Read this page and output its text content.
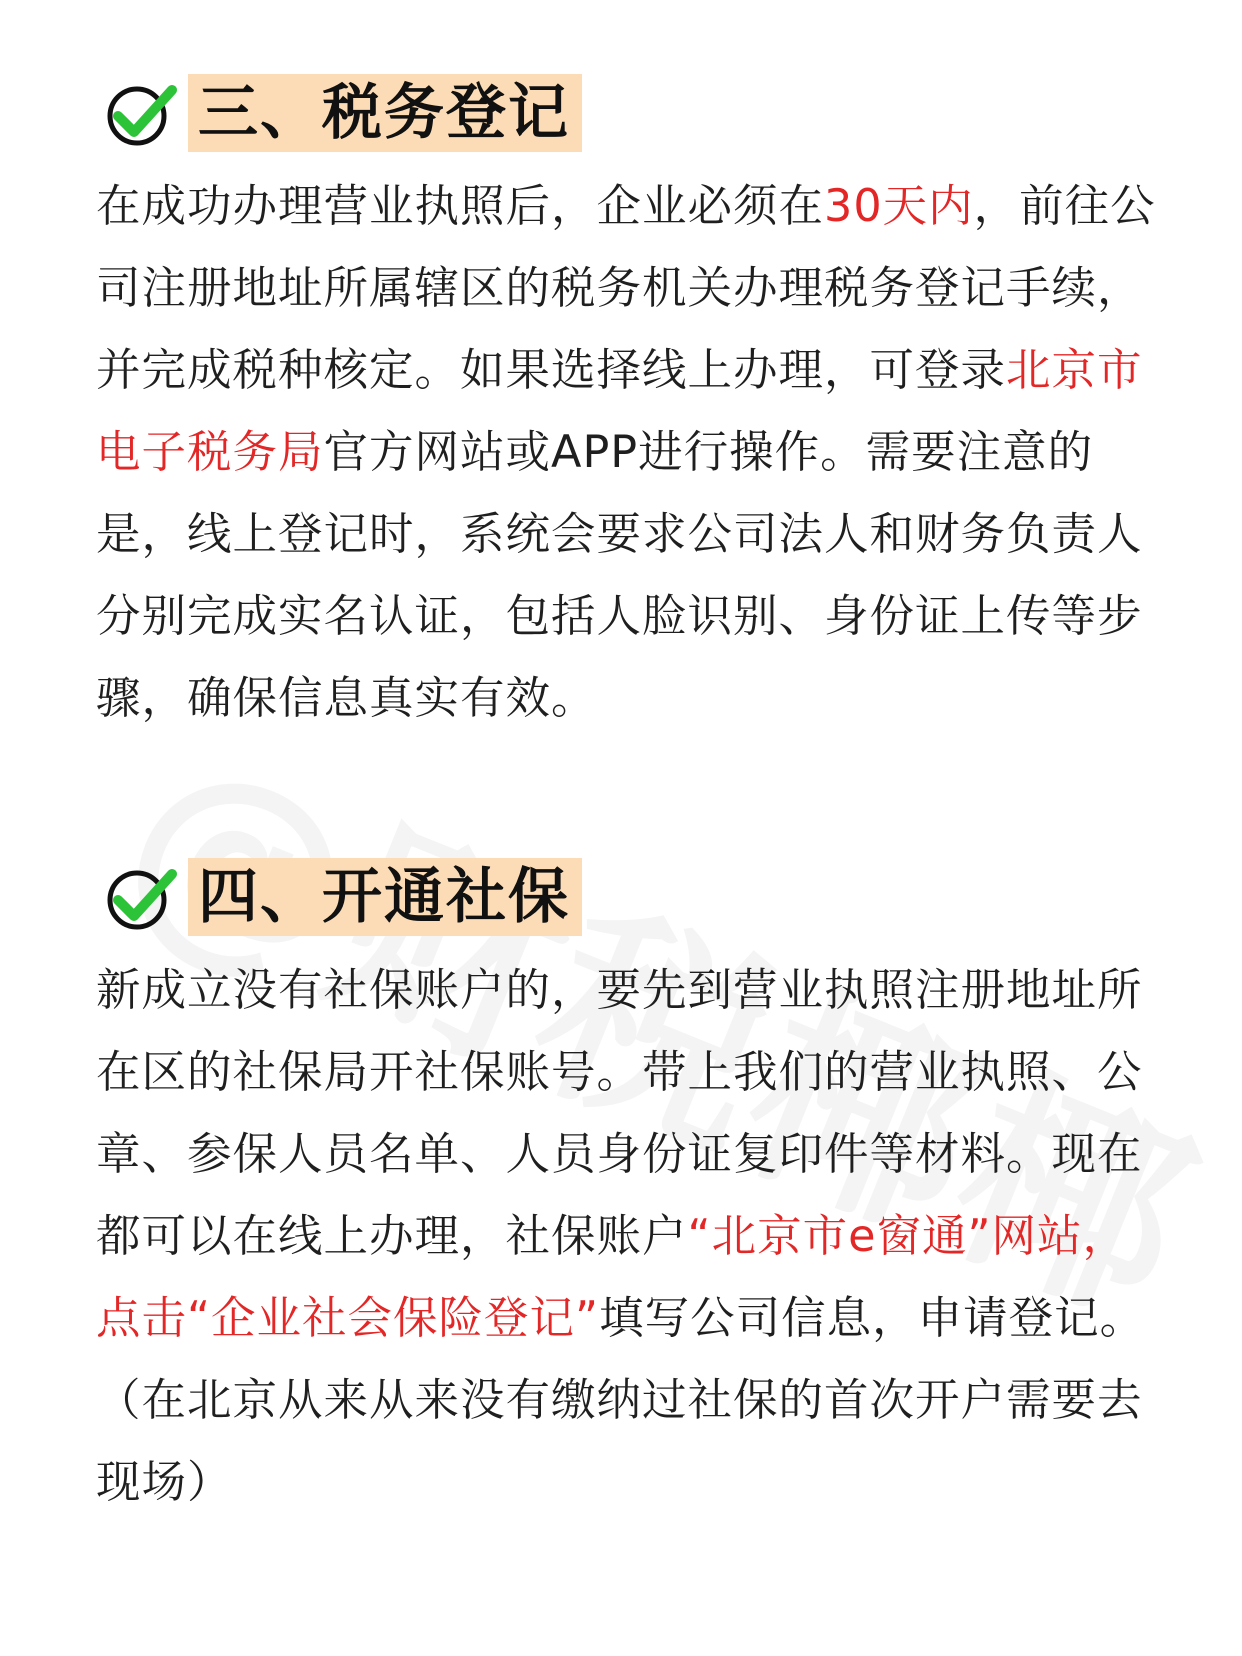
三、税务登记
在成功办理营业执照后，企业必须在30天内，前往公司注册地址所属辖区的税务机关办理税务登记手续，并完成税种核定。如果选择线上办理，可登录北京市电子税务局官方网站或APP进行操作。需要注意的是，线上登记时，系统会要求公司法人和财务负责人分别完成实名认证，包括人脸识别、身份证上传等步骤，确保信息真实有效。
四、开通社保
新成立没有社保账户的，要先到营业执照注册地址所在区的社保局开社保账号。带上我们的营业执照、公章、参保人员名单、人员身份证复印件等材料。现在都可以在线上办理，社保账户“北京市e窗通”网站，点击“企业社会保险登记”填写公司信息，申请登记。（在北京从来从来没有缴纳过社保的首次开户需要去现场）
